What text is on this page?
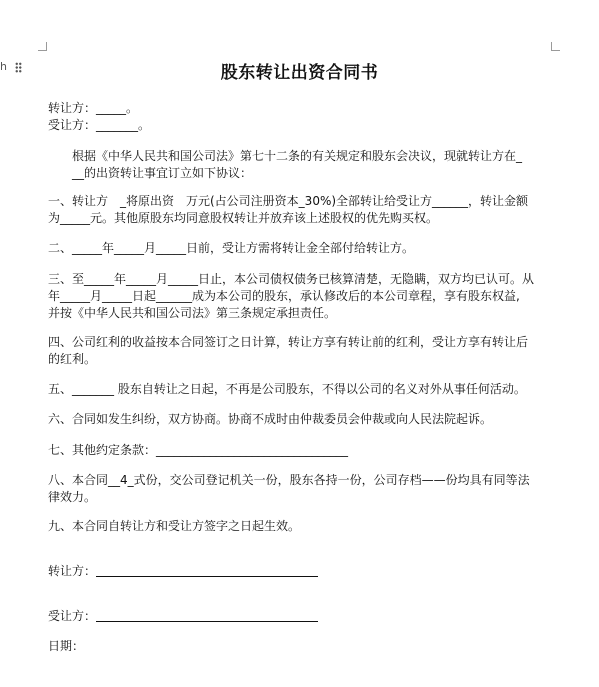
h	股东转让出资合同书
转让方：_____。
受让方：_______。
根据《中华人民共和国公司法》第七十二条的有关规定和股东会决议，现就转让方在_
__的出资转让事宜订立如下协议：
一、转让方　_将原出资　万元(占公司注册资本_30%)全部转让给受让方______，转让金额
为_____元。其他原股东均同意股权转让并放弃该上述股权的优先购买权。
二、_____年_____月_____日前，受让方需将转让金全部付给转让方。
三、至_____年_____月_____日止，本公司债权债务已核算清楚，无隐瞒，双方均已认可。从
年_____月_____日起______成为本公司的股东，承认修改后的本公司章程，享有股东权益,
并按《中华人民共和国公司法》第三条规定承担责任。
四、公司红利的收益按本合同签订之日计算，转让方享有转让前的红利，受让方享有转让后
的红利。
五、_______ 股东自转让之日起，不再是公司股东，不得以公司的名义对外从事任何活动。
六、合同如发生纠纷，双方协商。协商不成时由仲裁委员会仲裁或向人民法院起诉。
七、其他约定条款：________________________________
八、本合同__4_式份，交公司登记机关一份，股东各持一份，公司存档——份均具有同等法
律效力。
九、本合同自转让方和受让方签字之日起生效。
转让方：
受让方：
日期：
